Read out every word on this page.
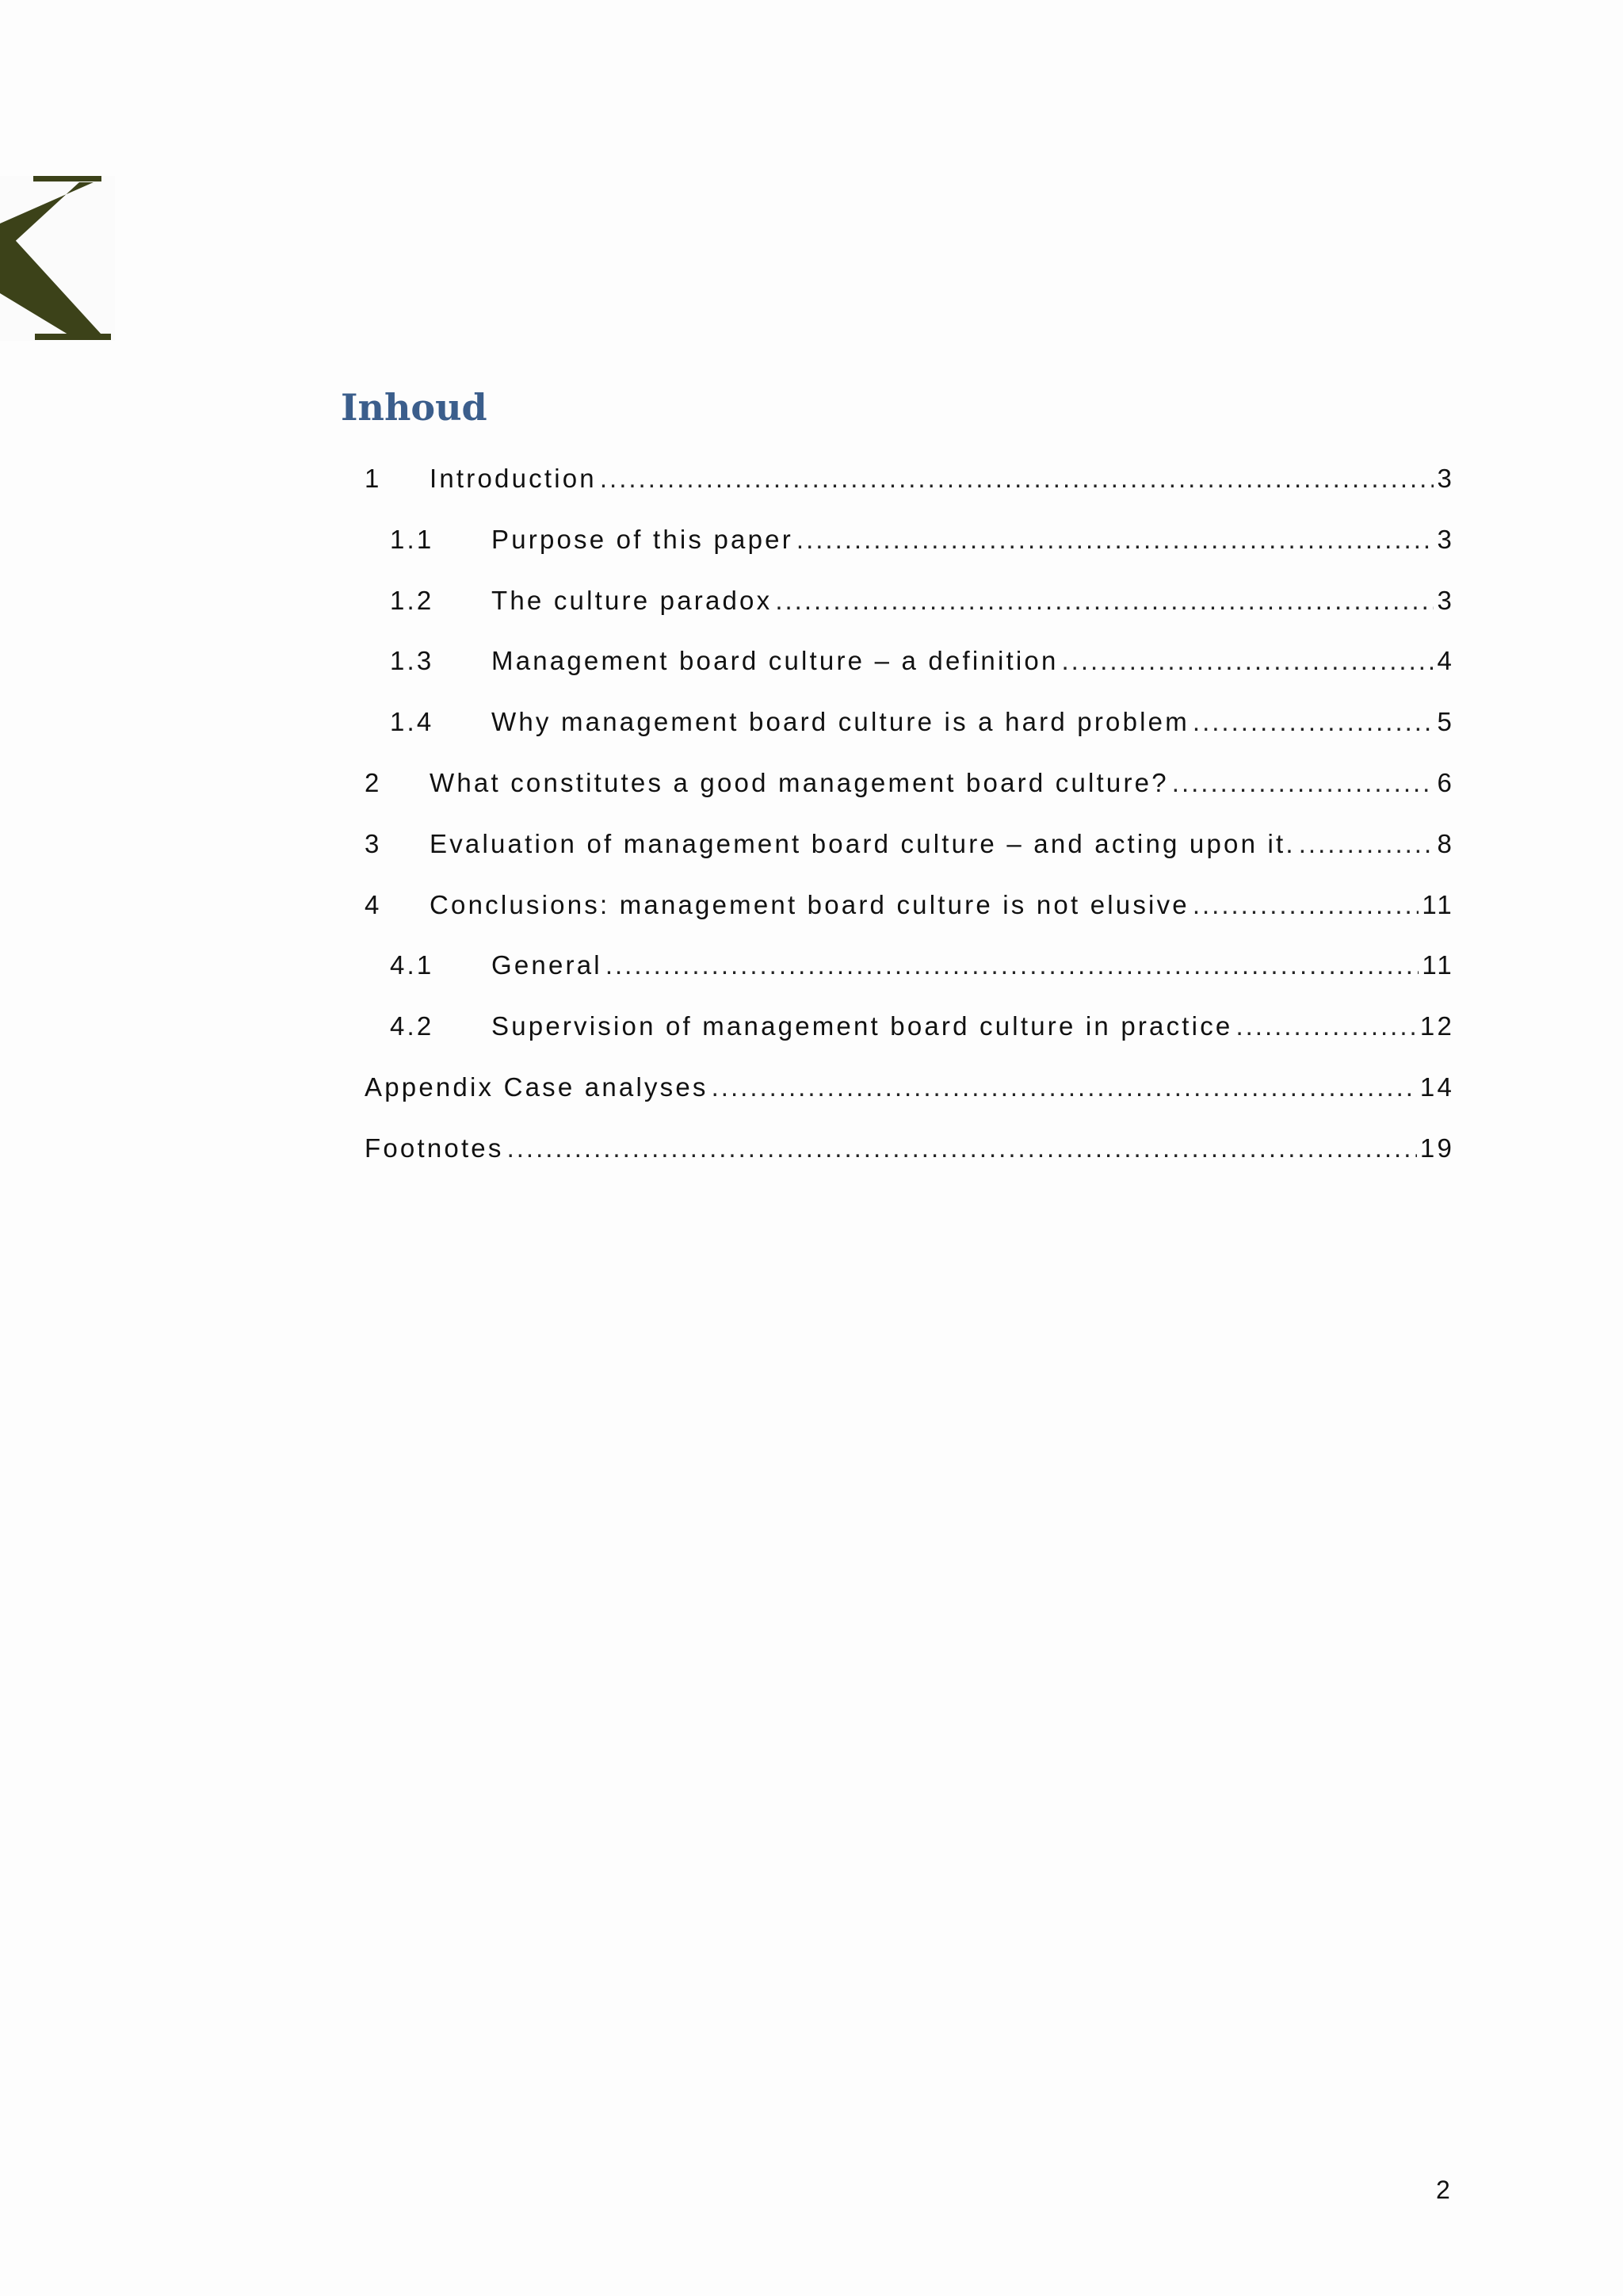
Inhoud
1	Introduction .....	3
1.1	Purpose of this paper .....	3
1.2	The culture paradox .....	3
1.3	Management board culture – a definition .....	4
1.4	Why management board culture is a hard problem .....	5
2	What constitutes a good management board culture? .....	6
3	Evaluation of management board culture – and acting upon it. .....	8
4	Conclusions: management board culture is not elusive .....	11
4.1	General .....	11
4.2	Supervision of management board culture in practice .....	12
Appendix Case analyses .....	14
Footnotes .....	19
2
